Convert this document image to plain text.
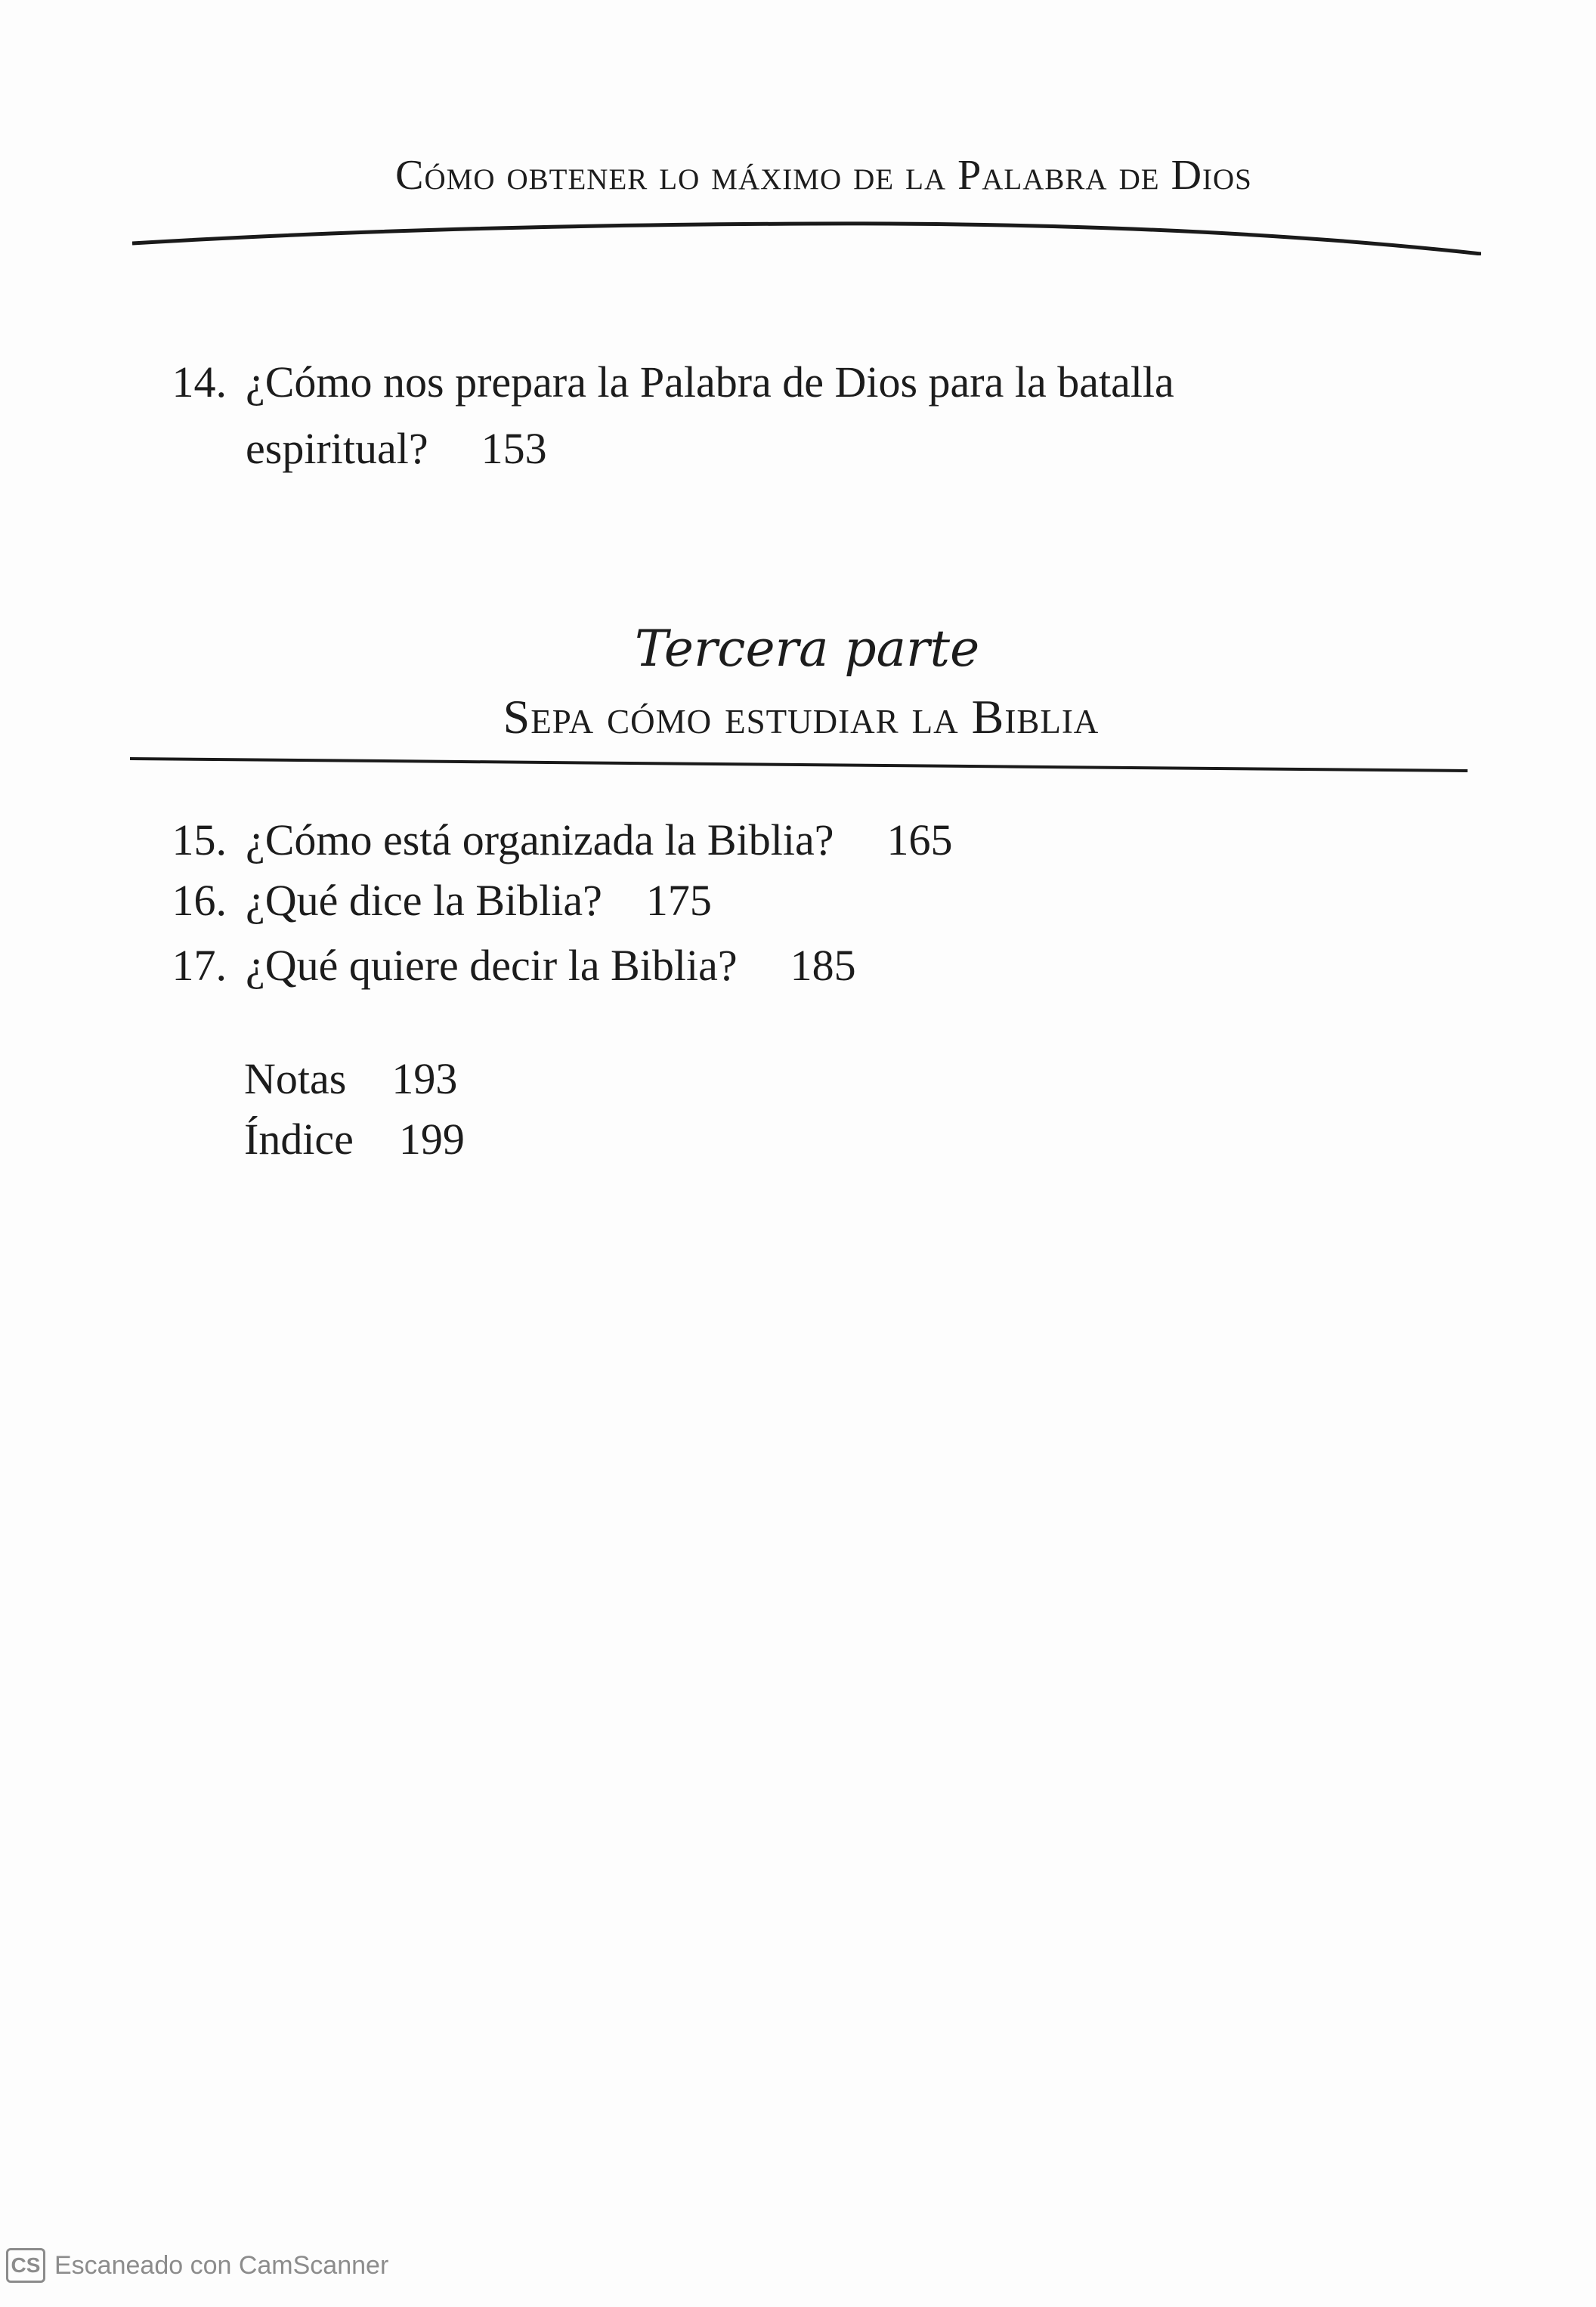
Cómo obtener lo máximo de la Palabra de Dios
14. ¿Cómo nos prepara la Palabra de Dios para la batalla
espiritual? 153
Tercera parte
Sepa cómo estudiar la Biblia
15. ¿Cómo está organizada la Biblia? 165
16. ¿Qué dice la Biblia? 175
17. ¿Qué quiere decir la Biblia? 185
Notas 193
Índice 199
CS Escaneado con CamScanner
